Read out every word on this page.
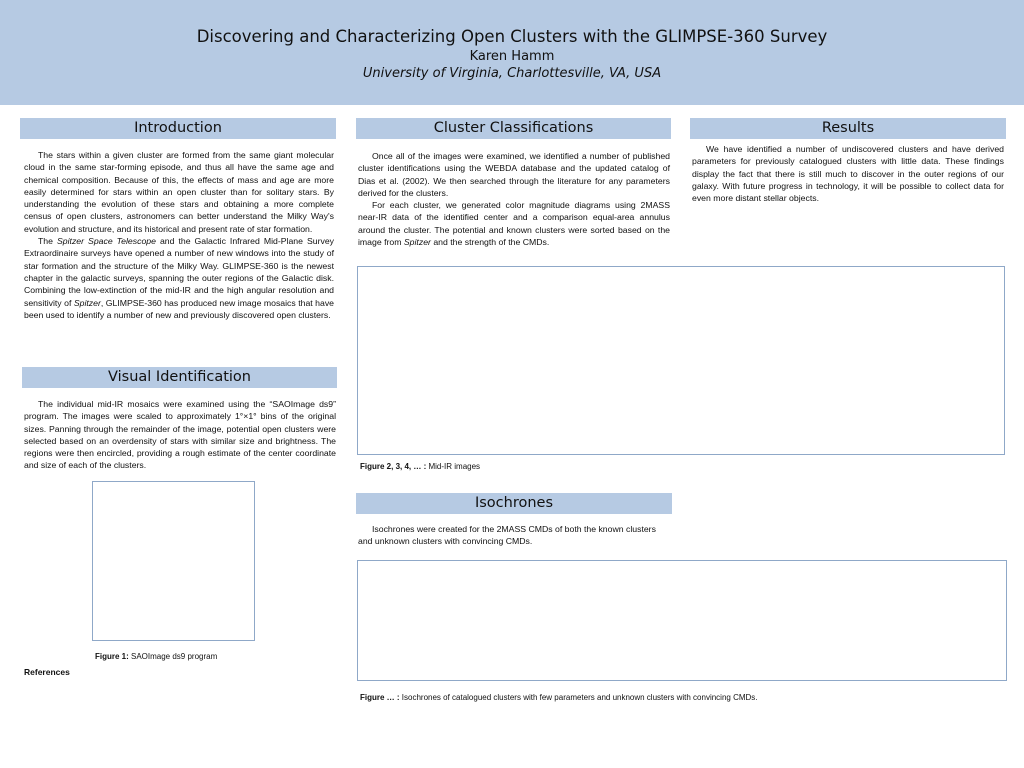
Discovering and Characterizing Open Clusters with the GLIMPSE-360 Survey
Karen Hamm
University of Virginia, Charlottesville, VA, USA
Introduction

The stars within a given cluster are formed from the same giant molecular cloud in the same star-forming episode, and thus all have the same age and chemical composition. Because of this, the effects of mass and age are more easily determined for stars within an open cluster than for solitary stars. By understanding the evolution of these stars and obtaining a more complete census of open clusters, astronomers can better understand the Milky Way's evolution and structure, and its historical and present rate of star formation.

The Spitzer Space Telescope and the Galactic Infrared Mid-Plane Survey Extraordinaire surveys have opened a number of new windows into the study of star formation and the structure of the Milky Way. GLIMPSE-360 is the newest chapter in the galactic surveys, spanning the outer regions of the Galactic disk. Combining the low-extinction of the mid-IR and the high angular resolution and sensitivity of Spitzer, GLIMPSE-360 has produced new image mosaics that have been used to identify a number of new and previously discovered open clusters.

Visual Identification

The individual mid-IR mosaics were examined using the “SAOImage ds9” program. The images were scaled to approximately 1°×1° bins of the original sizes. Panning through the remainder of the image, potential open clusters were selected based on an overdensity of stars with similar size and brightness. The regions were then encircled, providing a rough estimate of the center coordinate and size of each of the clusters.

Figure 1: SAOImage ds9 program
References
Cluster Classifications

Once all of the images were examined, we identified a number of published cluster identifications using the WEBDA database and the updated catalog of Dias et al. (2002). We then searched through the literature for any parameters derived for the clusters.

For each cluster, we generated color magnitude diagrams using 2MASS near-IR data of the identified center and a comparison equal-area annulus around the cluster. The potential and known clusters were sorted based on the image from Spitzer and the strength of the CMDs.

Figure 2, 3, 4, … : Mid-IR images
Isochrones

Isochrones were created for the 2MASS CMDs of both the known clusters and unknown clusters with convincing CMDs.

Figure … : Isochrones of catalogued clusters with few parameters and unknown clusters with convincing CMDs.
Results

We have identified a number of undiscovered clusters and have derived parameters for previously catalogued clusters with little data. These findings display the fact that there is still much to discover in the outer regions of our galaxy. With future progress in technology, it will be possible to collect data for even more distant stellar objects.
